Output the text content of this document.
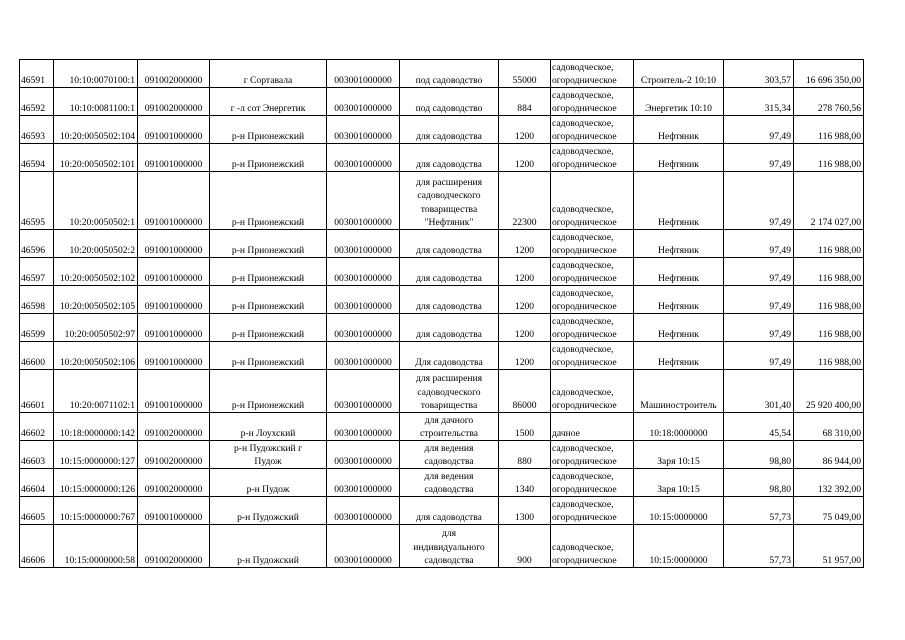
46591	10:10:0070100:1	091002000000	г Сортавала	003001000000	под садоводство	55000	садоводческое,
огородническое	Строитель-2 10:10	303,57	16 696 350,00
46592	10:10:0081100:1	091002000000	г -л сот Энергетик	003001000000	под садоводство	884	садоводческое,
огородническое	Энергетик 10:10	315,34	278 760,56
46593	10:20:0050502:104	091001000000	р-н Прионежский	003001000000	для садоводства	1200	садоводческое,
огородническое	Нефтяник	97,49	116 988,00
46594	10:20:0050502:101	091001000000	р-н Прионежский	003001000000	для садоводства	1200	садоводческое,
огородническое	Нефтяник	97,49	116 988,00
46595	10:20:0050502:1	091001000000	р-н Прионежский	003001000000	для расширения
садоводческого
товарищества
"Нефтяник"	22300	садоводческое,
огородническое	Нефтяник	97,49	2 174 027,00
46596	10:20:0050502:2	091001000000	р-н Прионежский	003001000000	для садоводства	1200	садоводческое,
огородническое	Нефтяник	97,49	116 988,00
46597	10:20:0050502:102	091001000000	р-н Прионежский	003001000000	для садоводства	1200	садоводческое,
огородническое	Нефтяник	97,49	116 988,00
46598	10:20:0050502:105	091001000000	р-н Прионежский	003001000000	для садоводства	1200	садоводческое,
огородническое	Нефтяник	97,49	116 988,00
46599	10:20:0050502:97	091001000000	р-н Прионежский	003001000000	для садоводства	1200	садоводческое,
огородническое	Нефтяник	97,49	116 988,00
46600	10:20:0050502:106	091001000000	р-н Прионежский	003001000000	Для садоводства	1200	садоводческое,
огородническое	Нефтяник	97,49	116 988,00
46601	10:20:0071102:1	091001000000	р-н Прионежский	003001000000	для расширения
садоводческого
товарищества	86000	садоводческое,
огородническое	Машиностроитель	301,40	25 920 400,00
46602	10:18:0000000:142	091002000000	р-н Лоухский	003001000000	для дачного
строительства	1500	дачное	10:18:0000000	45,54	68 310,00
46603	10:15:0000000:127	091002000000	р-н Пудожский г
Пудож	003001000000	для ведения
садоводства	880	садоводческое,
огородническое	Заря 10:15	98,80	86 944,00
46604	10:15:0000000:126	091002000000	р-н Пудож	003001000000	для ведения
садоводства	1340	садоводческое,
огородническое	Заря 10:15	98,80	132 392,00
46605	10:15:0000000:767	091001000000	р-н Пудожский	003001000000	для садоводства	1300	садоводческое,
огородническое	10:15:0000000	57,73	75 049,00
46606	10:15:0000000:58	091002000000	р-н Пудожский	003001000000	для
индивидуального
садоводства	900	садоводческое,
огородническое	10:15:0000000	57,73	51 957,00
